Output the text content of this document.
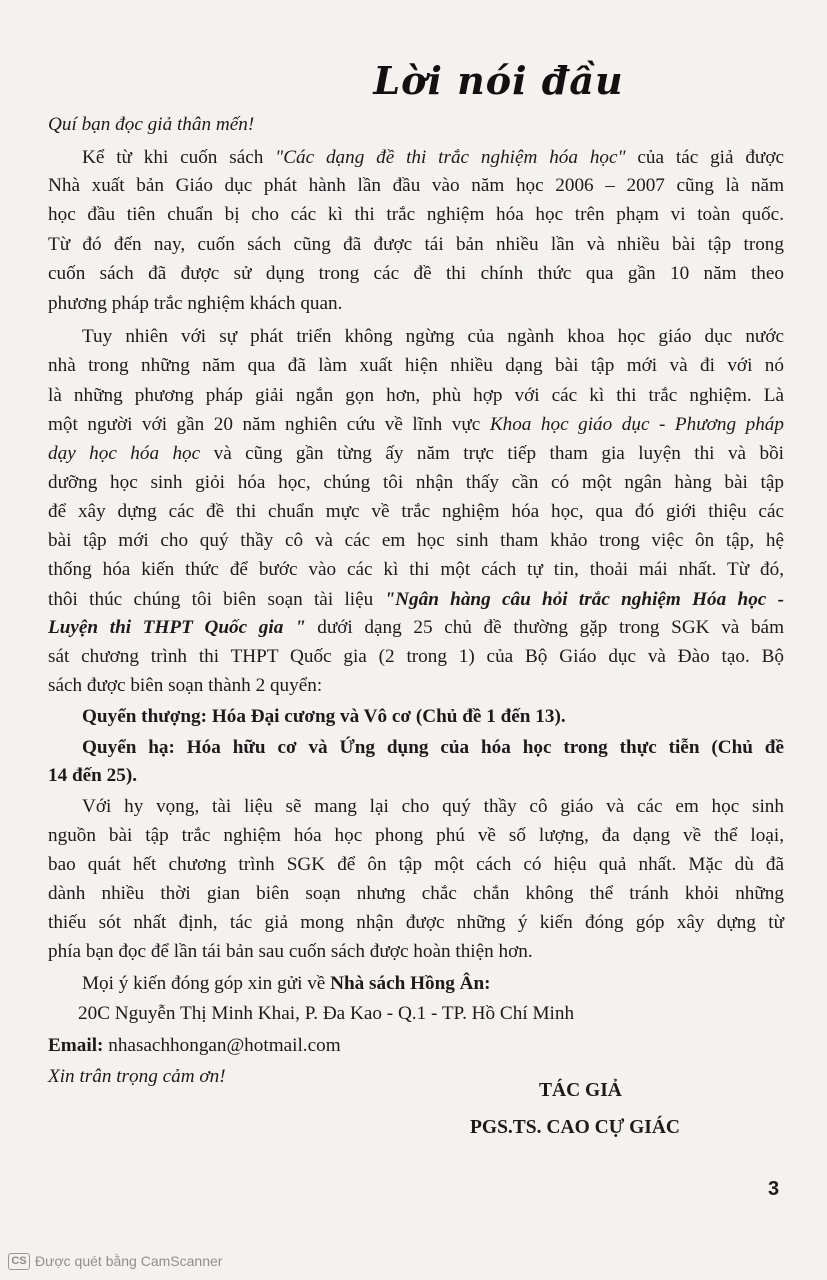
Lời nói đầu
Quí bạn đọc giả thân mến!
Kể từ khi cuốn sách "Các dạng đề thi trắc nghiệm hóa học" của tác giả được
Nhà xuất bản Giáo dục phát hành lần đầu vào năm học 2006 – 2007 cũng là năm
học đầu tiên chuẩn bị cho các kì thi trắc nghiệm hóa học trên phạm vi toàn quốc.
Từ đó đến nay, cuốn sách cũng đã được tái bản nhiều lần và nhiều bài tập trong
cuốn sách đã được sử dụng trong các đề thi chính thức qua gần 10 năm theo
phương pháp trắc nghiệm khách quan.
Tuy nhiên với sự phát triển không ngừng của ngành khoa học giáo dục nước
nhà trong những năm qua đã làm xuất hiện nhiều dạng bài tập mới và đi với nó
là những phương pháp giải ngắn gọn hơn, phù hợp với các kì thi trắc nghiệm. Là
một người với gần 20 năm nghiên cứu về lĩnh vực Khoa học giáo dục - Phương pháp
dạy học hóa học và cũng gần từng ấy năm trực tiếp tham gia luyện thi và bồi
dưỡng học sinh giỏi hóa học, chúng tôi nhận thấy cần có một ngân hàng bài tập
để xây dựng các đề thi chuẩn mực về trắc nghiệm hóa học, qua đó giới thiệu các
bài tập mới cho quý thầy cô và các em học sinh tham khảo trong việc ôn tập, hệ
thống hóa kiến thức để bước vào các kì thi một cách tự tin, thoải mái nhất. Từ đó,
thôi thúc chúng tôi biên soạn tài liệu "Ngân hàng câu hỏi trắc nghiệm Hóa học -
Luyện thi THPT Quốc gia " dưới dạng 25 chủ đề thường gặp trong SGK và bám
sát chương trình thi THPT Quốc gia (2 trong 1) của Bộ Giáo dục và Đào tạo. Bộ
sách được biên soạn thành 2 quyển:
Quyển thượng: Hóa Đại cương và Vô cơ (Chủ đề 1 đến 13).
Quyển hạ: Hóa hữu cơ và Ứng dụng của hóa học trong thực tiễn (Chủ đề
14 đến 25).
Với hy vọng, tài liệu sẽ mang lại cho quý thầy cô giáo và các em học sinh
nguồn bài tập trắc nghiệm hóa học phong phú về số lượng, đa dạng về thể loại,
bao quát hết chương trình SGK để ôn tập một cách có hiệu quả nhất. Mặc dù đã
dành nhiều thời gian biên soạn nhưng chắc chắn không thể tránh khỏi những
thiếu sót nhất định, tác giả mong nhận được những ý kiến đóng góp xây dựng từ
phía bạn đọc để lần tái bản sau cuốn sách được hoàn thiện hơn.
Mọi ý kiến đóng góp xin gửi về Nhà sách Hồng Ân:
20C Nguyễn Thị Minh Khai, P. Đa Kao - Q.1 - TP. Hồ Chí Minh
Email: nhasachhongan@hotmail.com
Xin trân trọng cảm ơn!
TÁC GIẢ
PGS.TS. CAO CỰ GIÁC
3
CS Được quét bằng CamScanner
